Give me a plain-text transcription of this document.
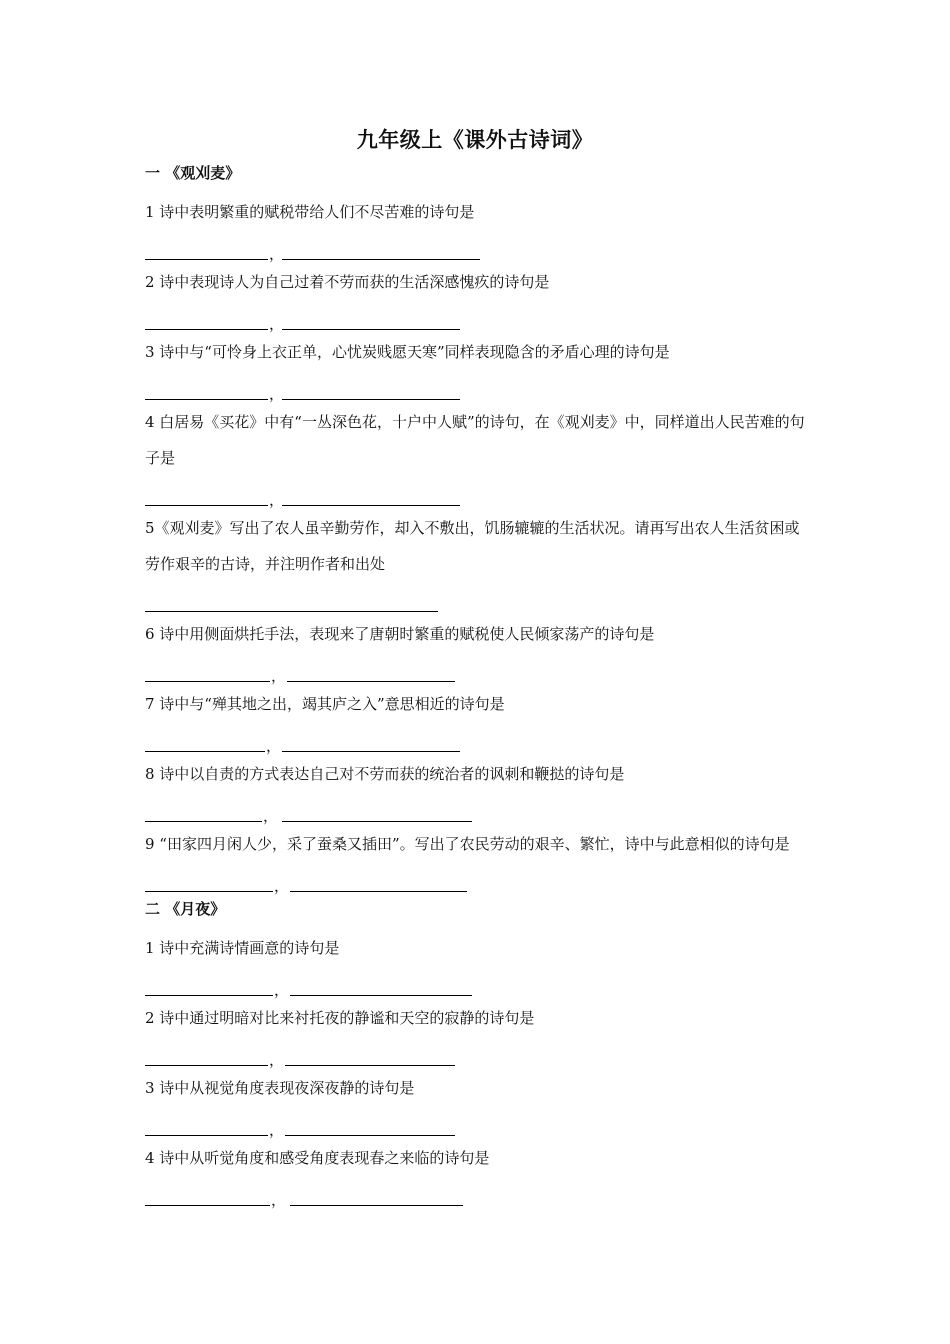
九年级上《课外古诗词》
一 《观刈麦》
1 诗中表明繁重的赋税带给人们不尽苦难的诗句是
，
2 诗中表现诗人为自己过着不劳而获的生活深感愧疚的诗句是
，
3 诗中与“可怜身上衣正单，心忧炭贱愿天寒”同样表现隐含的矛盾心理的诗句是
，
4 白居易《买花》中有“一丛深色花，十户中人赋”的诗句，在《观刈麦》中，同样道出人民苦难的句子是
，
5《观刈麦》写出了农人虽辛勤劳作，却入不敷出，饥肠辘辘的生活状况。请再写出农人生活贫困或劳作艰辛的古诗，并注明作者和出处
6 诗中用侧面烘托手法，表现来了唐朝时繁重的赋税使人民倾家荡产的诗句是
，
7 诗中与“殚其地之出，竭其庐之入”意思相近的诗句是
，
8 诗中以自责的方式表达自己对不劳而获的统治者的讽刺和鞭挞的诗句是
，
9 “田家四月闲人少，采了蚕桑又插田”。写出了农民劳动的艰辛、繁忙，诗中与此意相似的诗句是
，
二 《月夜》
1 诗中充满诗情画意的诗句是
，
2 诗中通过明暗对比来衬托夜的静谧和天空的寂静的诗句是
，
3 诗中从视觉角度表现夜深夜静的诗句是
，
4 诗中从听觉角度和感受角度表现春之来临的诗句是
，
